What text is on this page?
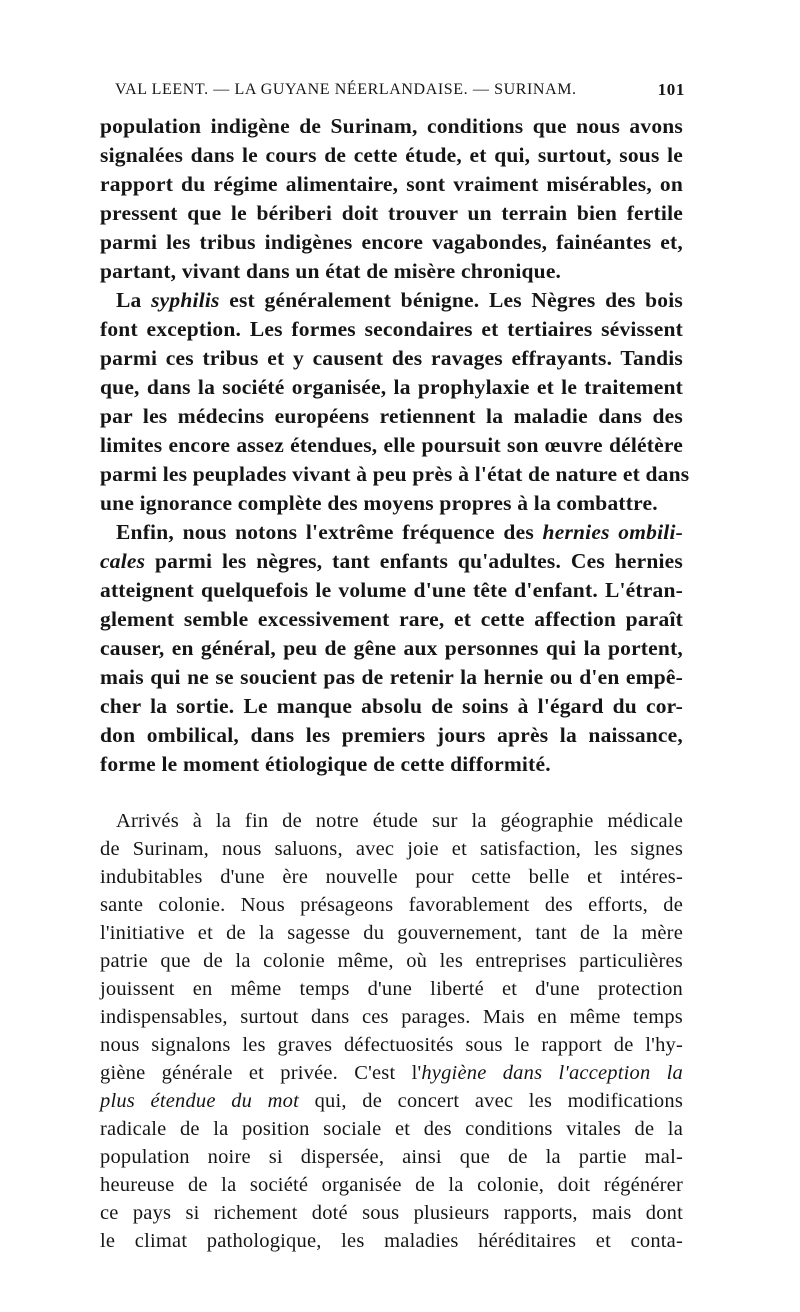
VAL LEENT. — LA GUYANE NÉERLANDAISE. — SURINAM.	101
population indigène de Surinam, conditions que nous avons
signalées dans le cours de cette étude, et qui, surtout, sous le
rapport du régime alimentaire, sont vraiment misérables, on
pressent que le bériberi doit trouver un terrain bien fertile
parmi les tribus indigènes encore vagabondes, fainéantes et,
partant, vivant dans un état de misère chronique.
La syphilis est généralement bénigne. Les Nègres des bois
font exception. Les formes secondaires et tertiaires sévissent
parmi ces tribus et y causent des ravages effrayants. Tandis
que, dans la société organisée, la prophylaxie et le traitement
par les médecins européens retiennent la maladie dans des
limites encore assez étendues, elle poursuit son œuvre délétère
parmi les peuplades vivant à peu près à l'état de nature et dans
une ignorance complète des moyens propres à la combattre.
Enfin, nous notons l'extrême fréquence des hernies ombili-
cales parmi les nègres, tant enfants qu'adultes. Ces hernies
atteignent quelquefois le volume d'une tête d'enfant. L'étran-
glement semble excessivement rare, et cette affection paraît
causer, en général, peu de gêne aux personnes qui la portent,
mais qui ne se soucient pas de retenir la hernie ou d'en empê-
cher la sortie. Le manque absolu de soins à l'égard du cor-
don ombilical, dans les premiers jours après la naissance,
forme le moment étiologique de cette difformité.
Arrivés à la fin de notre étude sur la géographie médicale
de Surinam, nous saluons, avec joie et satisfaction, les signes
indubitables d'une ère nouvelle pour cette belle et intéres-
sante colonie. Nous présageons favorablement des efforts, de
l'initiative et de la sagesse du gouvernement, tant de la mère
patrie que de la colonie même, où les entreprises particulières
jouissent en même temps d'une liberté et d'une protection
indispensables, surtout dans ces parages. Mais en même temps
nous signalons les graves défectuosités sous le rapport de l'hy-
giène générale et privée. C'est l'hygiène dans l'acception la
plus étendue du mot qui, de concert avec les modifications
radicale de la position sociale et des conditions vitales de la
population noire si dispersée, ainsi que de la partie mal-
heureuse de la société organisée de la colonie, doit régénérer
ce pays si richement doté sous plusieurs rapports, mais dont
le climat pathologique, les maladies héréditaires et conta-
